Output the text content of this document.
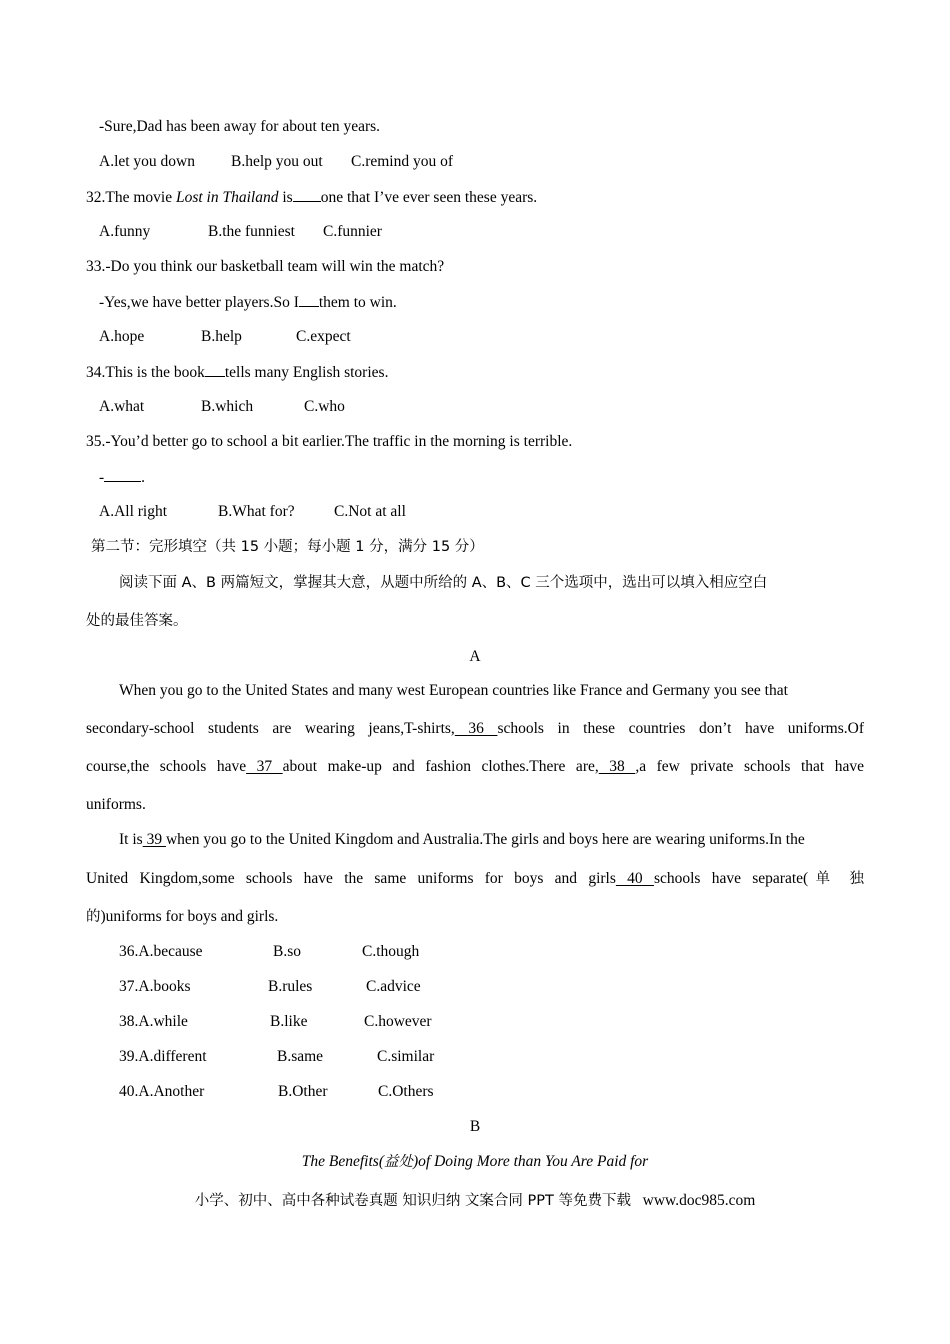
-Sure,Dad has been away for about ten years.
A.let you down B.help you out C.remind you of
32.The movie Lost in Thailand is one that I’ve ever seen these years.
A.funny	B.the funniest C.funnier
33.-Do you think our basketball team will win the match?
-Yes,we have better players.So I them to win.
A.hope	B.help	C.expect
34.This is the book tells many English stories.
A.what	B.which	C.who
35.-You’d better go to school a bit earlier.The traffic in the morning is terrible.
- .
A.All right	B.What for?	C.Not at all
第二节：完形填空（共 15 小题；每小题 1 分，满分 15 分）
阅读下面 A、B 两篇短文，掌握其大意，从题中所给的 A、B、C 三个选项中，选出可以填入相应空白
处的最佳答案。
A
When you go to the United States and many west European countries like France and Germany you see that
secondary-school students are wearing jeans,T-shirts, 36 schools in these countries don’t have uniforms.Of
course,the schools have 37 about make-up and fashion clothes.There are, 38 ,a few private schools that have
uniforms.
It is 39 when you go to the United Kingdom and Australia.The girls and boys here are wearing uniforms.In the
United Kingdom,some schools have the same uniforms for boys and girls 40 schools have separate(单 独
的)uniforms for boys and girls.
36.A.because	B.so	C.though
37.A.books	B.rules	C.advice
38.A.while	B.like	C.however
39.A.different	B.same	C.similar
40.A.Another	B.Other	C.Others
B
The Benefits(益处)of Doing More than You Are Paid for
小学、初中、高中各种试卷真题 知识归纳 文案合同 PPT 等免费下载 www.doc985.com
